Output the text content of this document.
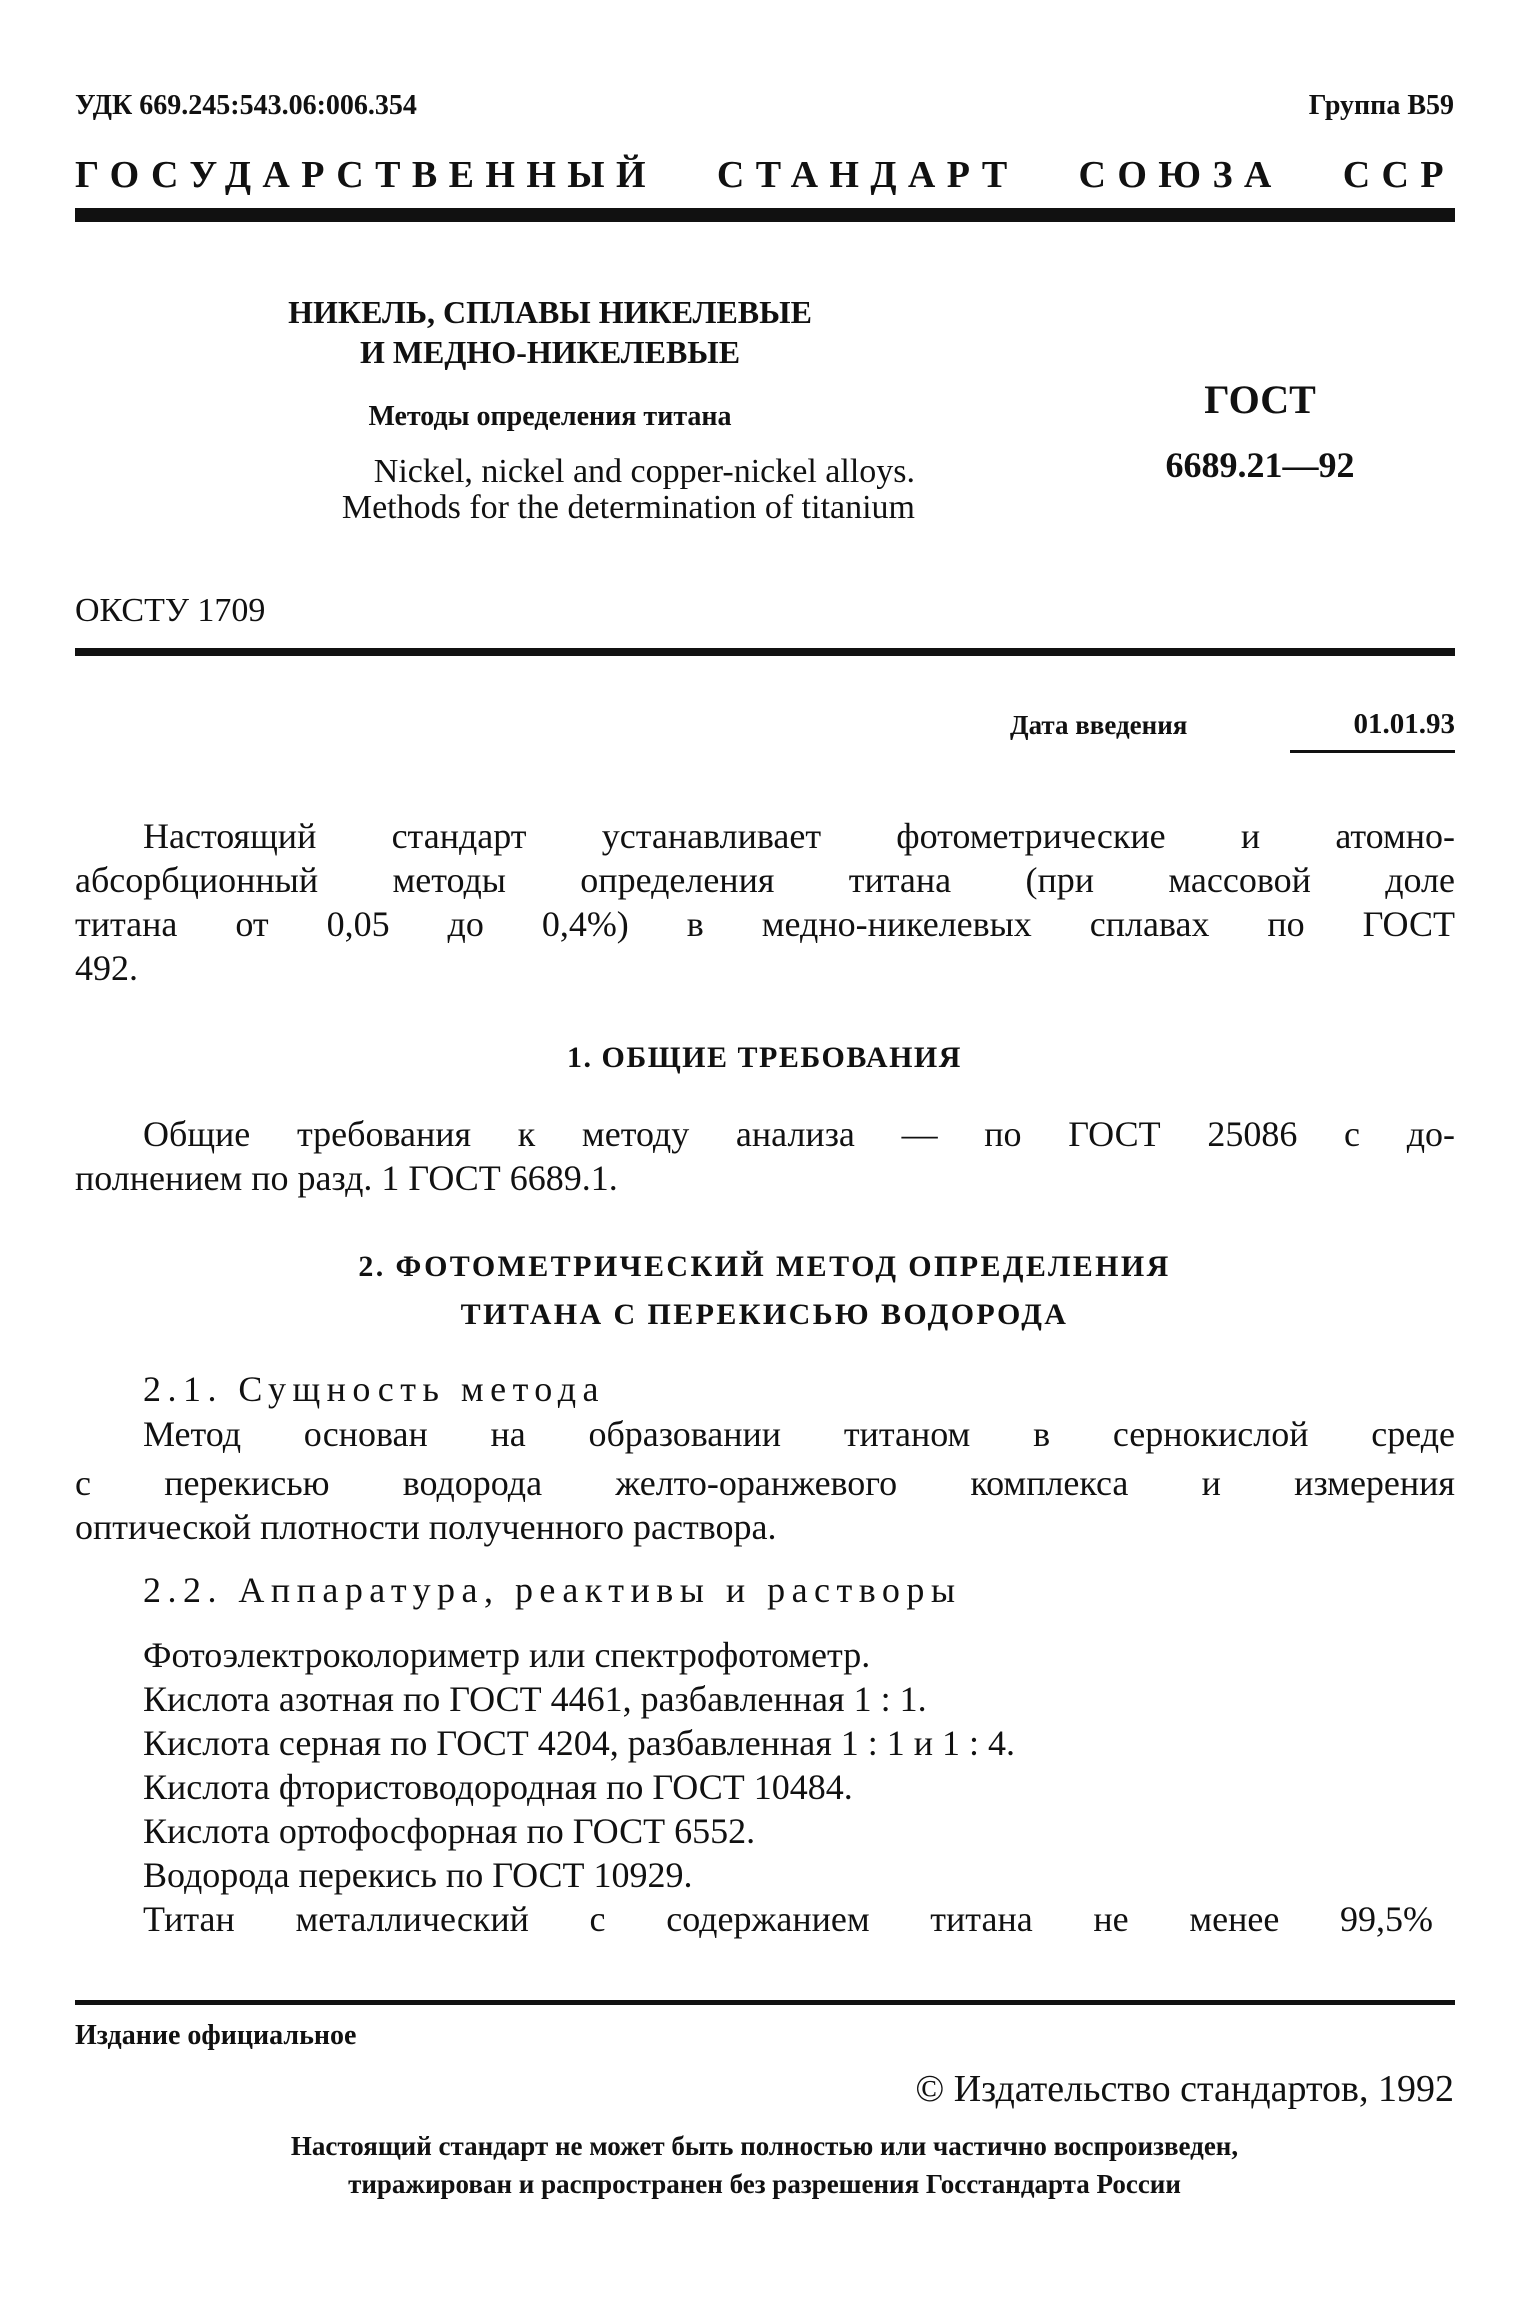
УДК 669.245:543.06:006.354	Группа В59
ГОСУДАРСТВЕННЫЙ СТАНДАРТ СОЮЗА ССР
НИКЕЛЬ, СПЛАВЫ НИКЕЛЕВЫЕ
И МЕДНО-НИКЕЛЕВЫЕ
Методы определения титана
Nickel, nickel and copper-nickel alloys.
Methods for the determination of titanium
ГОСТ
6689.21—92
ОКСТУ 1709
Дата введения	01.01.93
Настоящий стандарт устанавливает фотометрические и атомно-
абсорбционный методы определения титана (при массовой доле
титана от 0,05 до 0,4%) в медно-никелевых сплавах по ГОСТ
492.
1. ОБЩИЕ ТРЕБОВАНИЯ
Общие требования к методу анализа — по ГОСТ 25086 с до-
полнением по разд. 1 ГОСТ 6689.1.
2. ФОТОМЕТРИЧЕСКИЙ МЕТОД ОПРЕДЕЛЕНИЯ
ТИТАНА С ПЕРЕКИСЬЮ ВОДОРОДА
2.1. Сущность метода
Метод основан на образовании титаном в сернокислой среде
с перекисью водорода желто-оранжевого комплекса и измерения
оптической плотности полученного раствора.
2.2. Аппаратура, реактивы и растворы
Фотоэлектроколориметр или спектрофотометр.
Кислота азотная по ГОСТ 4461, разбавленная 1 : 1.
Кислота серная по ГОСТ 4204, разбавленная 1 : 1 и 1 : 4.
Кислота фтористоводородная по ГОСТ 10484.
Кислота ортофосфорная по ГОСТ 6552.
Водорода перекись по ГОСТ 10929.
Титан металлический с содержанием титана не менее 99,5%
Издание официальное
© Издательство стандартов, 1992
Настоящий стандарт не может быть полностью или частично воспроизведен,
тиражирован и распространен без разрешения Госстандарта России
